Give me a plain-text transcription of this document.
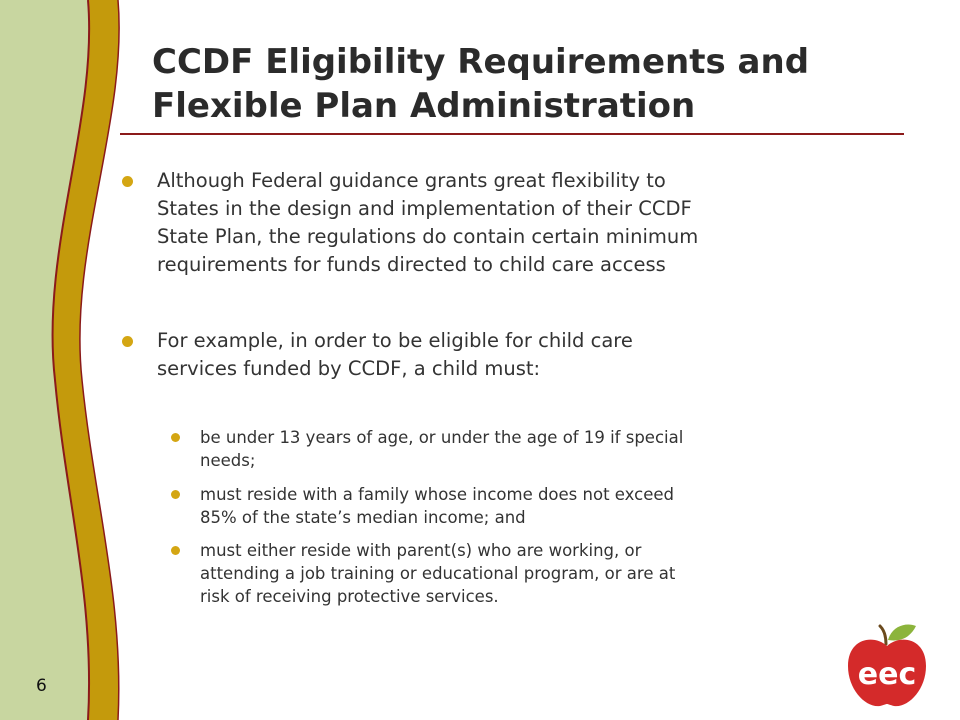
CCDF Eligibility Requirements and
Flexible Plan Administration

Although Federal guidance grants great flexibility to
States in the design and implementation of their CCDF
State Plan, the regulations do contain certain minimum
requirements for funds directed to child care access

For example, in order to be eligible for child care
services funded by CCDF, a child must:

be under 13 years of age, or under the age of 19 if special
needs;

must reside with a family whose income does not exceed
85% of the state’s median income; and

must either reside with parent(s) who are working, or
attending a job training or educational program, or are at
risk of receiving protective services.

6	eec
